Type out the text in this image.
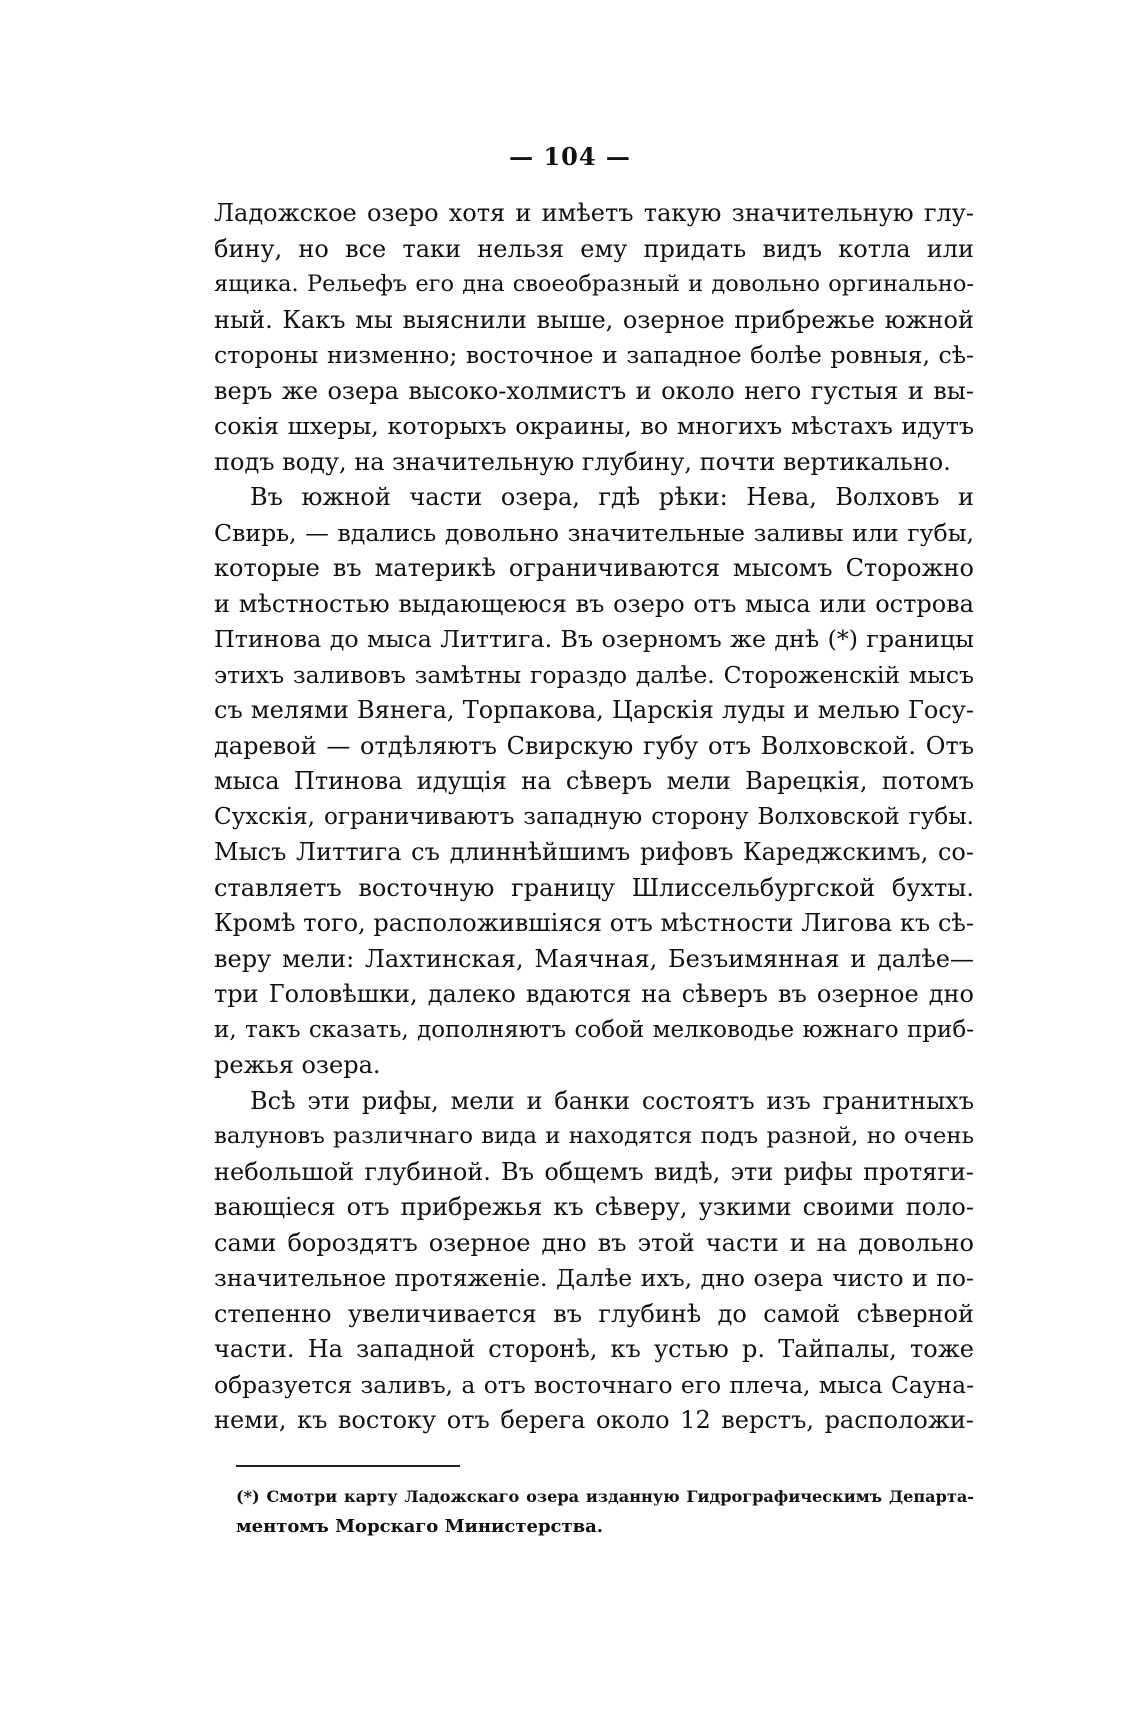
— 104 —
Ладожское озеро хотя и имѣетъ такую значительную глу-
бину, но все таки нельзя ему придать видъ котла или
ящика. Рельефъ его дна своеобразный и довольно оргинально-
ный. Какъ мы выяснили выше, озерное прибрежье южной
стороны низменно; восточное и западное болѣе ровныя, сѣ-
веръ же озера высоко-холмистъ и около него густыя и вы-
сокія шхеры, которыхъ окраины, во многихъ мѣстахъ идутъ
подъ воду, на значительную глубину, почти вертикально.
Въ южной части озера, гдѣ рѣки: Нева, Волховъ и
Свирь, — вдались довольно значительные заливы или губы,
которые въ материкѣ ограничиваются мысомъ Сторожно
и мѣстностью выдающеюся въ озеро отъ мыса или острова
Птинова до мыса Литтига. Въ озерномъ же днѣ (*) границы
этихъ заливовъ замѣтны гораздо далѣе. Стороженскій мысъ
съ мелями Вянега, Торпакова, Царскія луды и мелью Госу-
даревой — отдѣляютъ Свирскую губу отъ Волховской. Отъ
мыса Птинова идущія на сѣверъ мели Варецкія, потомъ
Сухскія, ограничиваютъ западную сторону Волховской губы.
Мысъ Литтига съ длиннѣйшимъ рифовъ Кареджскимъ, со-
ставляетъ восточную границу Шлиссельбургской бухты.
Кромѣ того, расположившіяся отъ мѣстности Лигова къ сѣ-
веру мели: Лахтинская, Маячная, Безъимянная и далѣе—
три Головѣшки, далеко вдаются на сѣверъ въ озерное дно
и, такъ сказать, дополняютъ собой мелководье южнаго приб-
режья озера.
Всѣ эти рифы, мели и банки состоятъ изъ гранитныхъ
валуновъ различнаго вида и находятся подъ разной, но очень
небольшой глубиной. Въ общемъ видѣ, эти рифы протяги-
вающіеся отъ прибрежья къ сѣверу, узкими своими поло-
сами бороздятъ озерное дно въ этой части и на довольно
значительное протяженіе. Далѣе ихъ, дно озера чисто и по-
степенно увеличивается въ глубинѣ до самой сѣверной
части. На западной сторонѣ, къ устью р. Тайпалы, тоже
образуется заливъ, а отъ восточнаго его плеча, мыса Сауна-
неми, къ востоку отъ берега около 12 верстъ, расположи-
(*) Смотри карту Ладожскаго озера изданную Гидрографическимъ Департа-
ментомъ Морскаго Министерства.
